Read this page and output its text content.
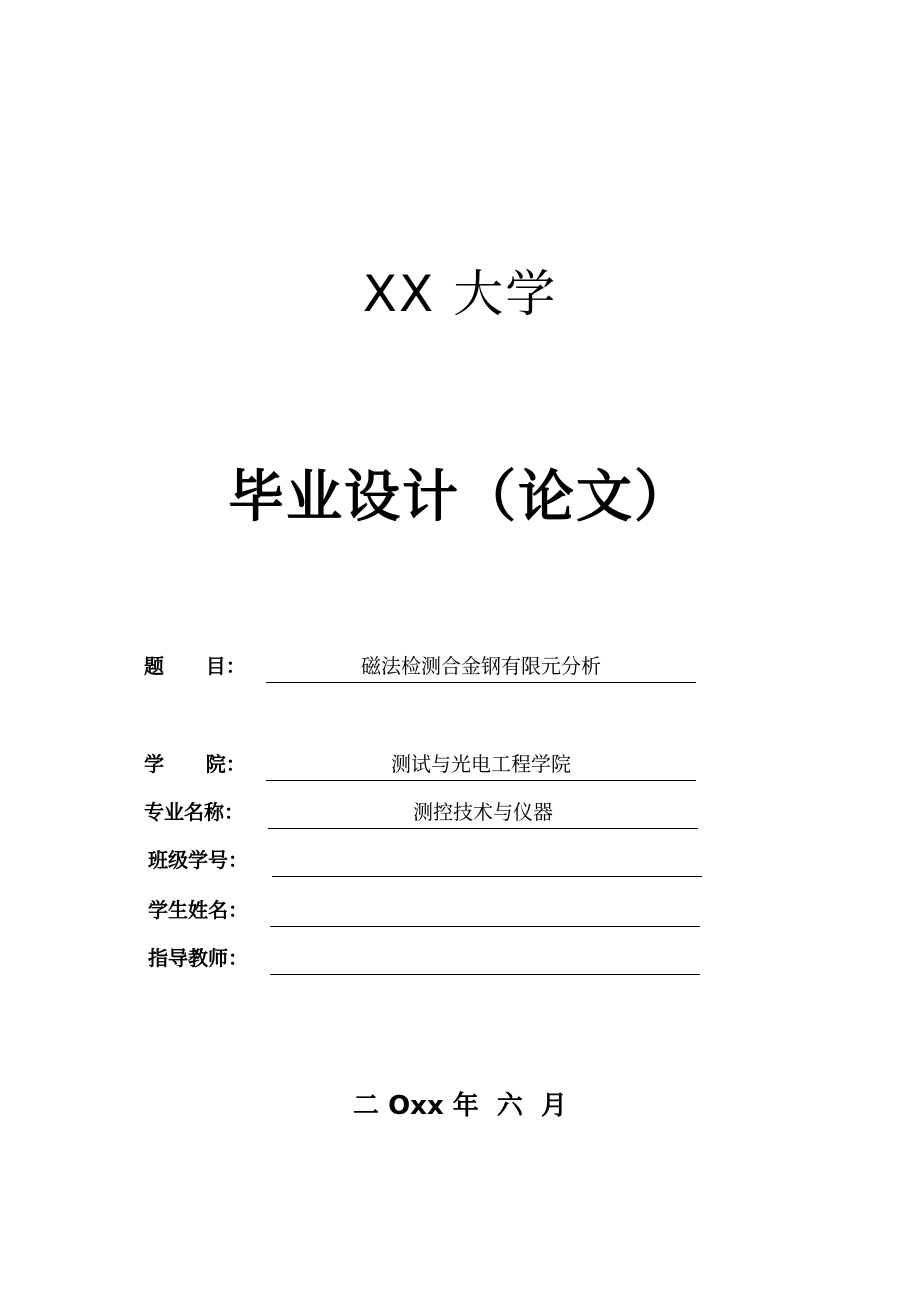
XX 大学
毕业设计（论文）
题      目：	磁法检测合金钢有限元分析
学      院：	测试与光电工程学院
专业名称：	测控技术与仪器
班级学号：
学生姓名：
指导教师：
二 Oxx 年  六  月
